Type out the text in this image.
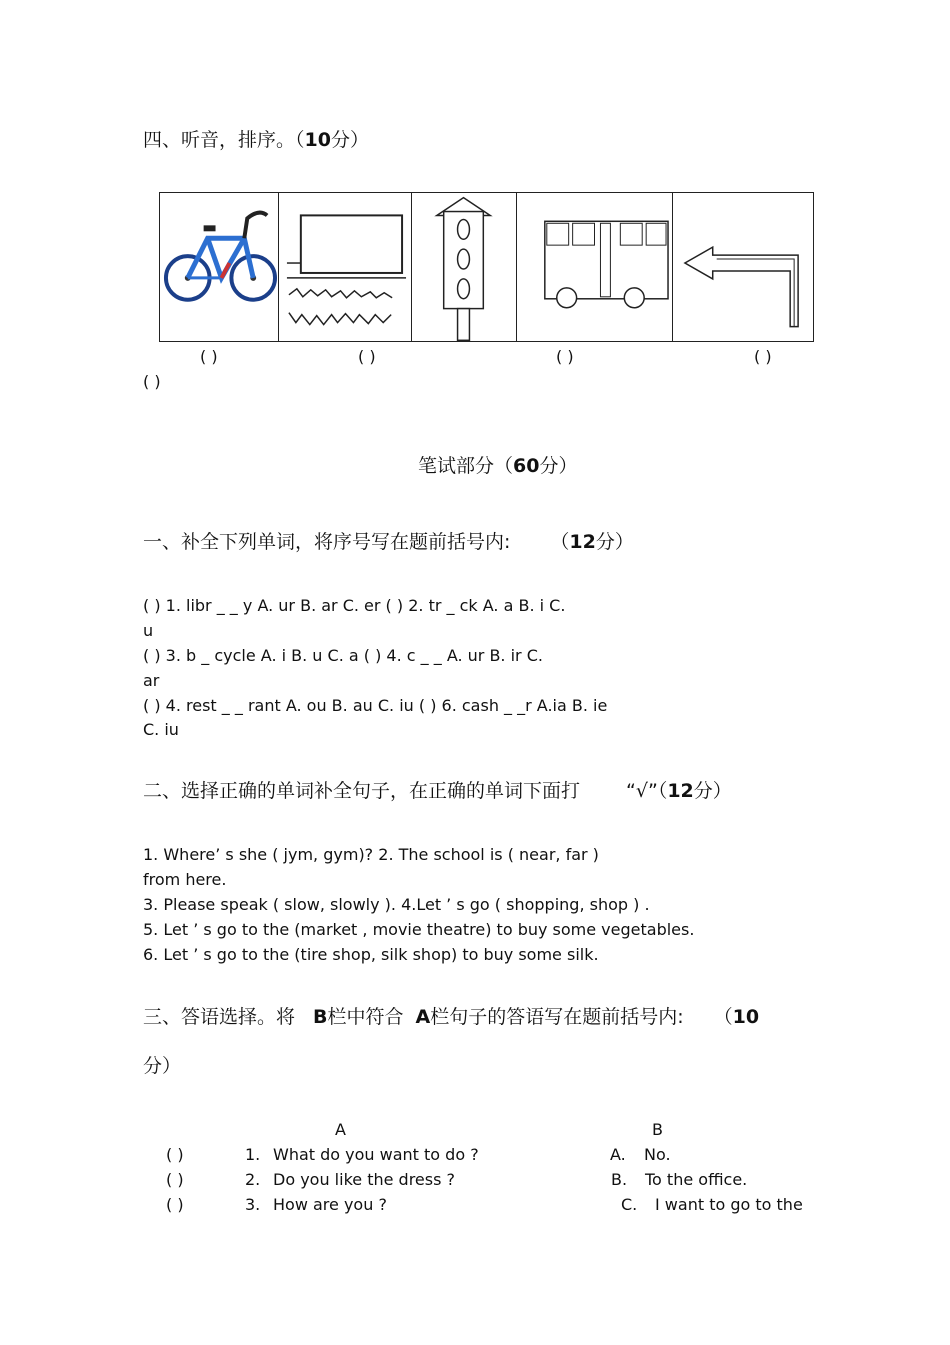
四、听音，排序。（10分）
( )	( )	( )	( )
( )
笔试部分（60分）
一、补全下列单词，将序号写在题前括号内: （12分）
( ) 1. libr _ _ y A. ur B. ar C. er ( ) 2. tr _ ck A. a B. i C.
u
( ) 3. b _ cycle A. i B. u C. a ( ) 4. c _ _ A. ur B. ir C.
ar
( ) 4. rest _ _ rant A. ou B. au C. iu ( ) 6. cash _ _r A.ia B. ie
C. iu
二、选择正确的单词补全句子，在正确的单词下面打 “√”（12分）
1. Where’ s she ( jym, gym)? 2. The school is ( near, far )
from here.
3. Please speak ( slow, slowly ). 4.Let ’ s go ( shopping, shop ) .
5. Let ’ s go to the (market , movie theatre) to buy some vegetables.
6. Let ’ s go to the (tire shop, silk shop) to buy some silk.
三、答语选择。将 B栏中符合 A栏句子的答语写在题前括号内: （10
分）
A	B
( )	1. What do you want to do ?	A. No.
( )	2. Do you like the dress ?	B. To the office.
( )	3. How are you ?	C. I want to go to the
